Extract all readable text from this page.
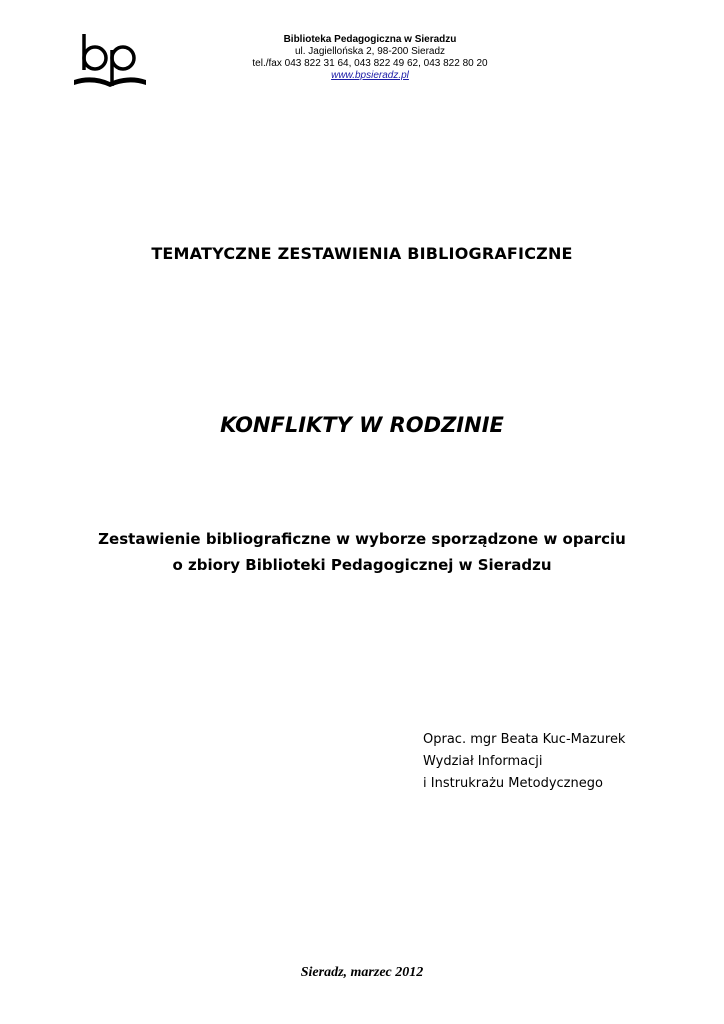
Biblioteka Pedagogiczna w Sieradzu
ul. Jagiellońska 2, 98-200 Sieradz
tel./fax 043 822 31 64, 043 822 49 62, 043 822 80 20
www.bpsieradz.pl
TEMATYCZNE ZESTAWIENIA BIBLIOGRAFICZNE
KONFLIKTY W RODZINIE
Zestawienie bibliograficzne w wyborze sporządzone w oparciu
o zbiory Biblioteki Pedagogicznej w Sieradzu
Oprac. mgr Beata Kuc-Mazurek
Wydział Informacji
i Instrukrażu Metodycznego
Sieradz, marzec 2012
